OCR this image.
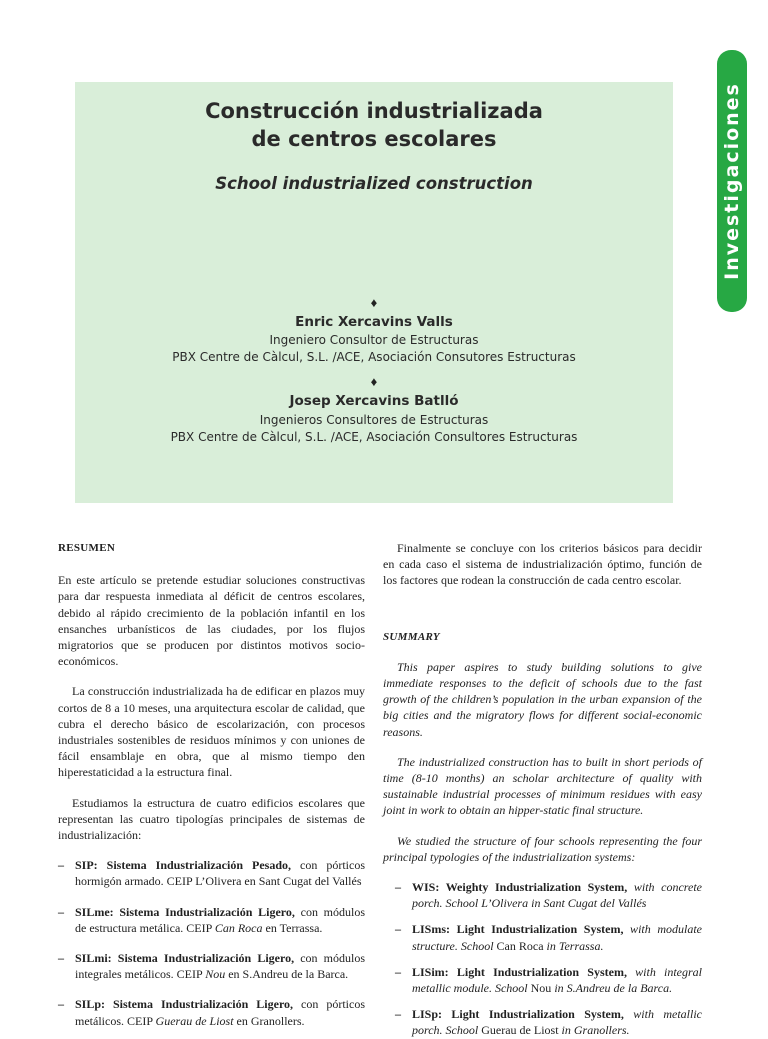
Construcción industrializada
de centros escolares
School industrialized construction
♦
Enric Xercavins Valls
Ingeniero Consultor de Estructuras
PBX Centre de Càlcul, S.L. /ACE, Asociación Consutores Estructuras
♦
Josep Xercavins Batlló
Ingenieros Consultores de Estructuras
PBX Centre de Càlcul, S.L. /ACE, Asociación Consultores Estructuras
Investigaciones

RESUMEN

En este artículo se pretende estudiar soluciones constructivas para dar respuesta inmediata al déficit de centros escolares, debido al rápido crecimiento de la población infantil en los ensanches urbanísticos de las ciudades, por los flujos migratorios que se producen por distintos motivos socio-económicos.

La construcción industrializada ha de edificar en plazos muy cortos de 8 a 10 meses, una arquitectura escolar de calidad, que cubra el derecho básico de escolarización, con procesos industriales sostenibles de residuos mínimos y con uniones de fácil ensamblaje en obra, que al mismo tiempo den hiperestaticidad a la estructura final.

Estudiamos la estructura de cuatro edificios escolares que representan las cuatro tipologías principales de sistemas de industrialización:

– SIP: Sistema Industrialización Pesado, con pórticos hormigón armado. CEIP L’Olivera en Sant Cugat del Vallés
– SILme: Sistema Industrialización Ligero, con módulos de estructura metálica. CEIP Can Roca en Terrassa.
– SILmi: Sistema Industrialización Ligero, con módulos integrales metálicos. CEIP Nou en S.Andreu de la Barca.
– SILp: Sistema Industrialización Ligero, con pórticos metálicos. CEIP Guerau de Liost en Granollers.

Finalmente se concluye con los criterios básicos para decidir en cada caso el sistema de industrialización óptimo, función de los factores que rodean la construcción de cada centro escolar.

SUMMARY

This paper aspires to study building solutions to give immediate responses to the deficit of schools due to the fast growth of the children’s population in the urban expansion of the big cities and the migratory flows for different social-economic reasons.

The industrialized construction has to built in short periods of time (8-10 months) an scholar architecture of quality with sustainable industrial processes of minimum residues with easy joint in work to obtain an hipper-static final structure.

We studied the structure of four schools representing the four principal typologies of the industrialization systems:

– WIS: Weighty Industrialization System, with concrete porch. School L’Olivera in Sant Cugat del Vallés
– LISms: Light Industrialization System, with modulate structure. School Can Roca in Terrassa.
– LISim: Light Industrialization System, with integral metallic module. School Nou in S.Andreu de la Barca.
– LISp: Light Industrialization System, with metallic porch. School Guerau de Liost in Granollers.
